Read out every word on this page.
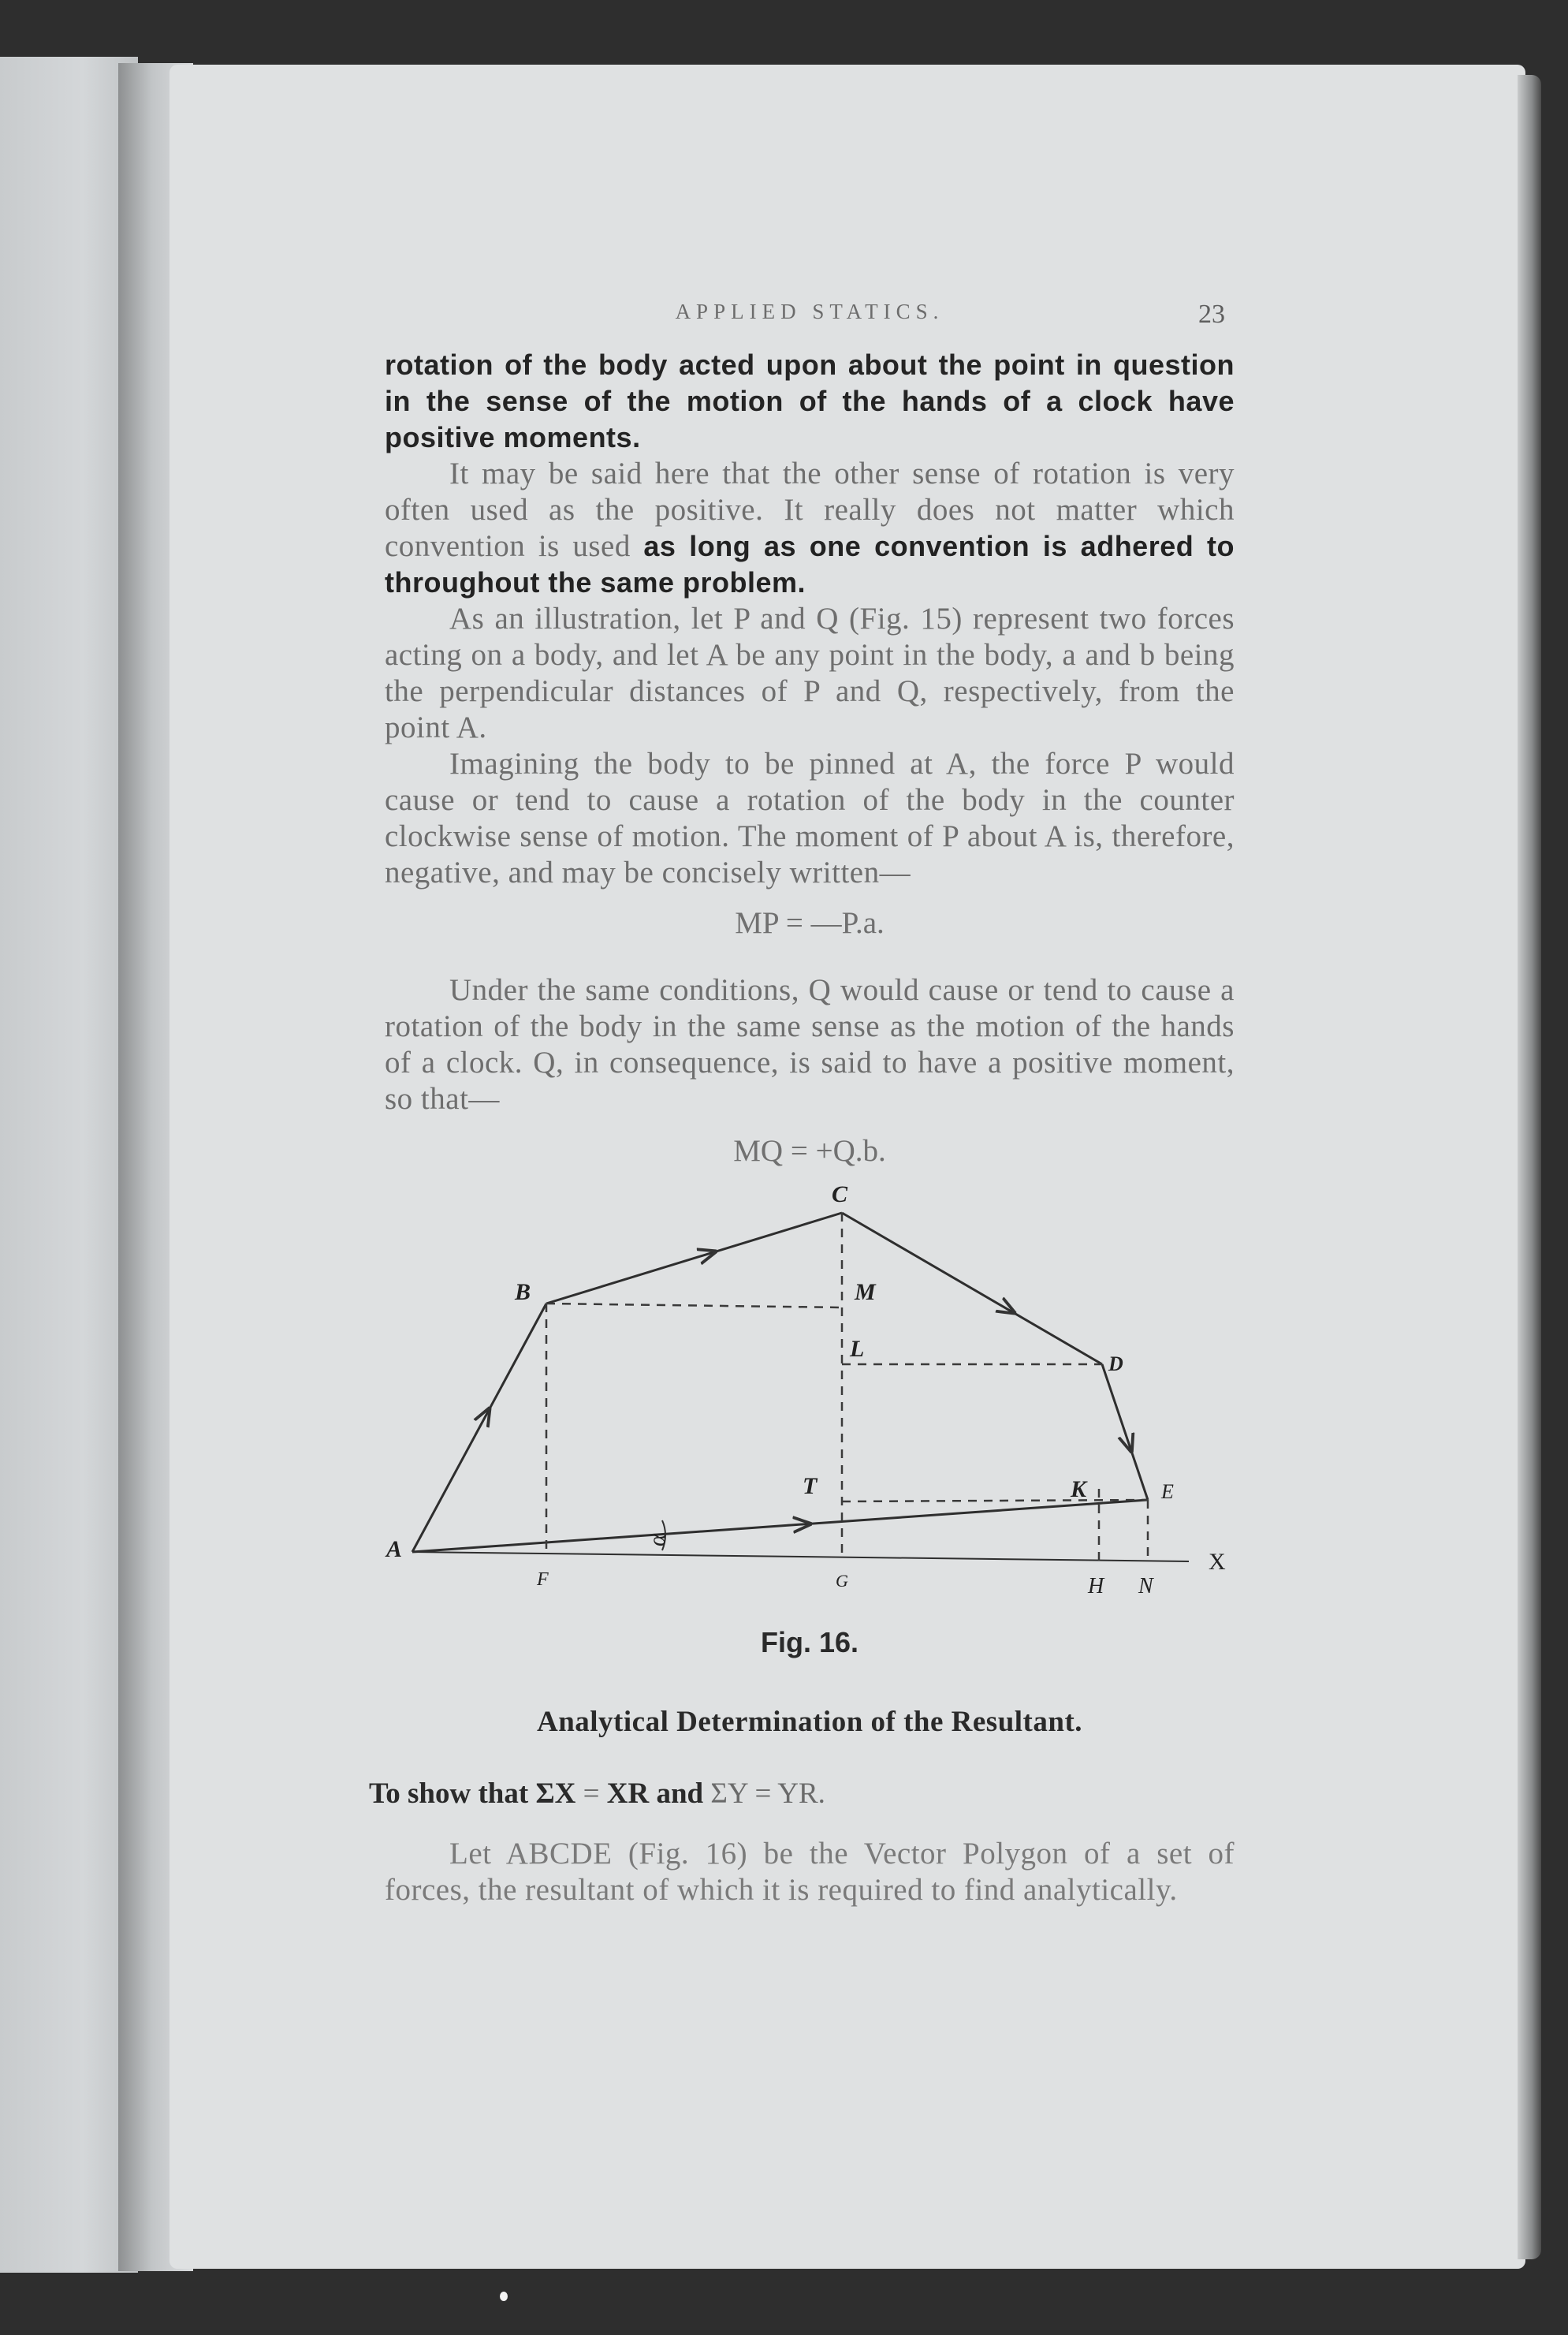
APPLIED STATICS.	23

rotation of the body acted upon about the point in question in the sense of the motion of the hands of a clock have positive moments.

It may be said here that the other sense of rotation is very often used as the positive. It really does not matter which convention is used as long as one convention is adhered to throughout the same problem.

As an illustration, let P and Q (Fig. 15) represent two forces acting on a body, and let A be any point in the body, a and b being the perpendicular distances of P and Q, respectively, from the point A.

Imagining the body to be pinned at A, the force P would cause or tend to cause a rotation of the body in the counter clockwise sense of motion. The moment of P about A is, therefore, negative, and may be concisely written—

MP = —P.a.

Under the same conditions, Q would cause or tend to cause a rotation of the body in the same sense as the motion of the hands of a clock. Q, in consequence, is said to have a positive moment, so that—

MQ = +Q.b.
A
B
C
D
E
M
L
T	K
F	G	H N
X
α
Fig. 16.
Analytical Determination of the Resultant.
To show that ΣX = XR and ΣY = YR.

Let ABCDE (Fig. 16) be the Vector Polygon of a set of forces, the resultant of which it is required to find analytically.
